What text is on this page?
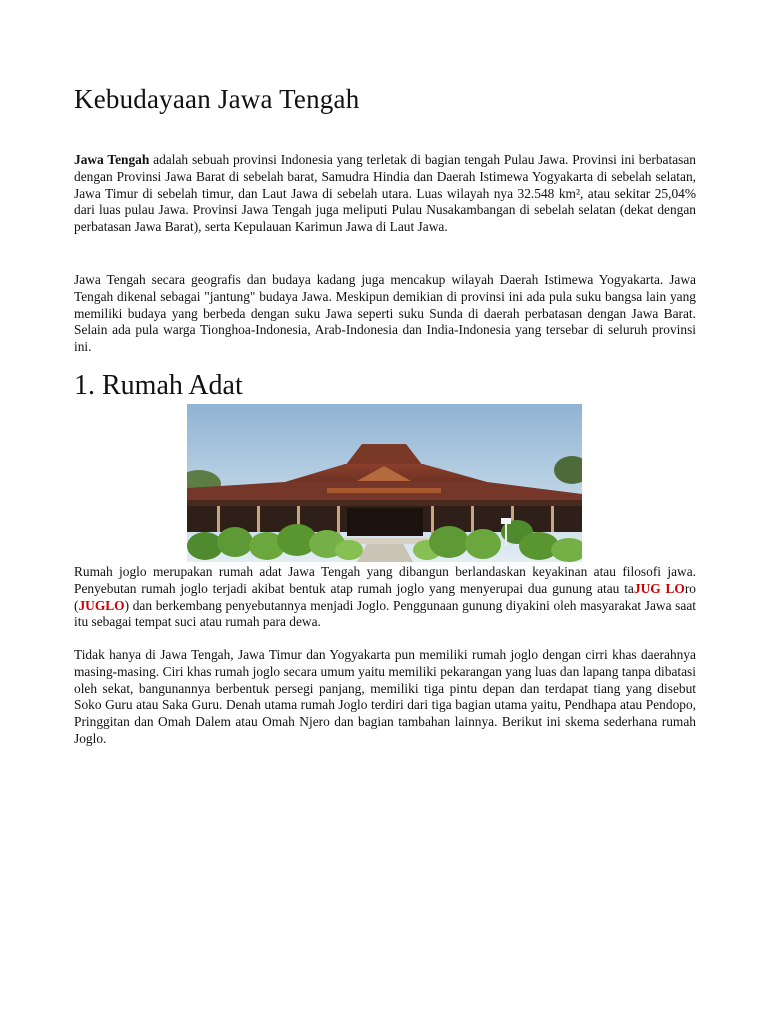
Kebudayaan Jawa Tengah

Jawa Tengah adalah sebuah provinsi Indonesia yang terletak di bagian tengah Pulau Jawa. Provinsi ini berbatasan dengan Provinsi Jawa Barat di sebelah barat, Samudra Hindia dan Daerah Istimewa Yogyakarta di sebelah selatan, Jawa Timur di sebelah timur, dan Laut Jawa di sebelah utara. Luas wilayah nya 32.548 km², atau sekitar 25,04% dari luas pulau Jawa. Provinsi Jawa Tengah juga meliputi Pulau Nusakambangan di sebelah selatan (dekat dengan perbatasan Jawa Barat), serta Kepulauan Karimun Jawa di Laut Jawa.

Jawa Tengah secara geografis dan budaya kadang juga mencakup wilayah Daerah Istimewa Yogyakarta. Jawa Tengah dikenal sebagai "jantung" budaya Jawa. Meskipun demikian di provinsi ini ada pula suku bangsa lain yang memiliki budaya yang berbeda dengan suku Jawa seperti suku Sunda di daerah perbatasan dengan Jawa Barat. Selain ada pula warga Tionghoa-Indonesia, Arab-Indonesia dan India-Indonesia yang tersebar di seluruh provinsi ini.

1. Rumah Adat

Rumah joglo merupakan rumah adat Jawa Tengah yang dibangun berlandaskan keyakinan atau filosofi jawa. Penyebutan rumah joglo terjadi akibat bentuk atap rumah joglo yang menyerupai dua gunung atau taJUG LOro (JUGLO) dan berkembang penyebutannya menjadi Joglo. Penggunaan gunung diyakini oleh masyarakat Jawa saat itu sebagai tempat suci atau rumah para dewa.

Tidak hanya di Jawa Tengah, Jawa Timur dan Yogyakarta pun memiliki rumah joglo dengan cirri khas daerahnya masing-masing. Ciri khas rumah joglo secara umum yaitu memiliki pekarangan yang luas dan lapang tanpa dibatasi oleh sekat, bangunannya berbentuk persegi panjang, memiliki tiga pintu depan dan terdapat tiang yang disebut Soko Guru atau Saka Guru. Denah utama rumah Joglo terdiri dari tiga bagian utama yaitu, Pendhapa atau Pendopo, Pringgitan dan Omah Dalem atau Omah Njero dan bagian tambahan lainnya. Berikut ini skema sederhana rumah Joglo.
